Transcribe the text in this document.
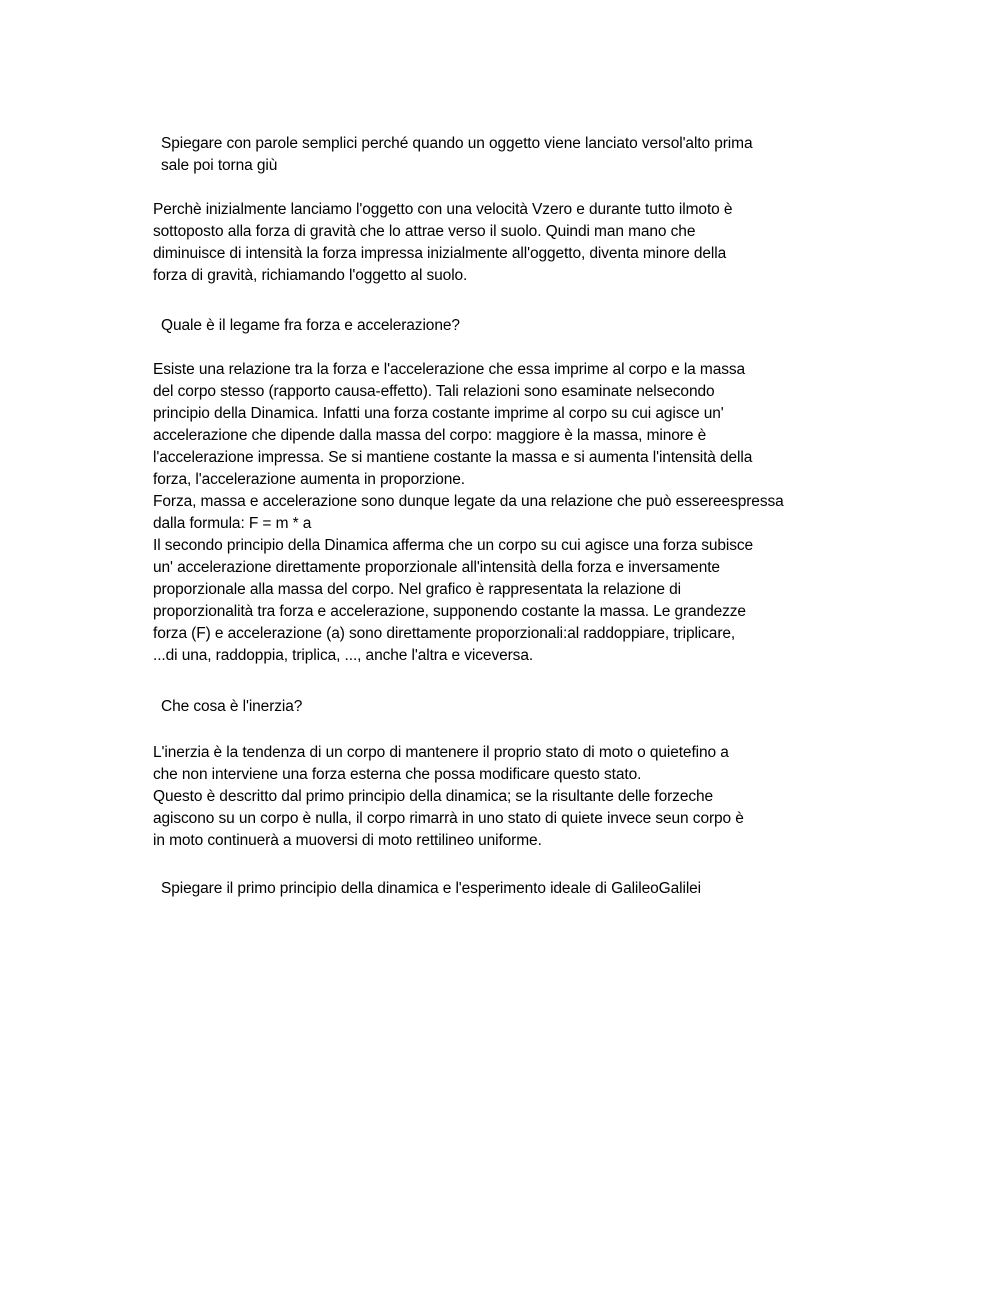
Spiegare con parole semplici perché quando un oggetto viene lanciato versol'alto prima
sale poi torna giù
Perchè inizialmente lanciamo l'oggetto con una velocità Vzero e durante tutto ilmoto è
sottoposto alla forza di gravità che lo attrae verso il suolo. Quindi man mano che
diminuisce di intensità la forza impressa inizialmente all'oggetto, diventa minore della
forza di gravità, richiamando l'oggetto al suolo.
Quale è il legame fra forza e accelerazione?
Esiste una relazione tra la forza e l'accelerazione che essa imprime al corpo e la massa
del corpo stesso (rapporto causa-effetto). Tali relazioni sono esaminate nelsecondo
principio della Dinamica. Infatti una forza costante imprime al corpo su cui agisce un'
accelerazione che dipende dalla massa del corpo: maggiore è la massa, minore è
l'accelerazione impressa. Se si mantiene costante la massa e si aumenta l'intensità della
forza, l'accelerazione aumenta in proporzione.
Forza, massa e accelerazione sono dunque legate da una relazione che può essereespressa
dalla formula: F = m * a
Il secondo principio della Dinamica afferma che un corpo su cui agisce una forza subisce
un' accelerazione direttamente proporzionale all'intensità della forza e inversamente
proporzionale alla massa del corpo. Nel grafico è rappresentata la relazione di
proporzionalità tra forza e accelerazione, supponendo costante la massa. Le grandezze
forza (F) e accelerazione (a) sono direttamente proporzionali:al raddoppiare, triplicare,
...di una, raddoppia, triplica, ..., anche l'altra e viceversa.
Che cosa è l'inerzia?
L'inerzia è la tendenza di un corpo di mantenere il proprio stato di moto o quietefino a
che non interviene una forza esterna che possa modificare questo stato.
Questo è descritto dal primo principio della dinamica; se la risultante delle forzeche
agiscono su un corpo è nulla, il corpo rimarrà in uno stato di quiete invece seun corpo è
in moto continuerà a muoversi di moto rettilineo uniforme.
Spiegare il primo principio della dinamica e l'esperimento ideale di GalileoGalilei
